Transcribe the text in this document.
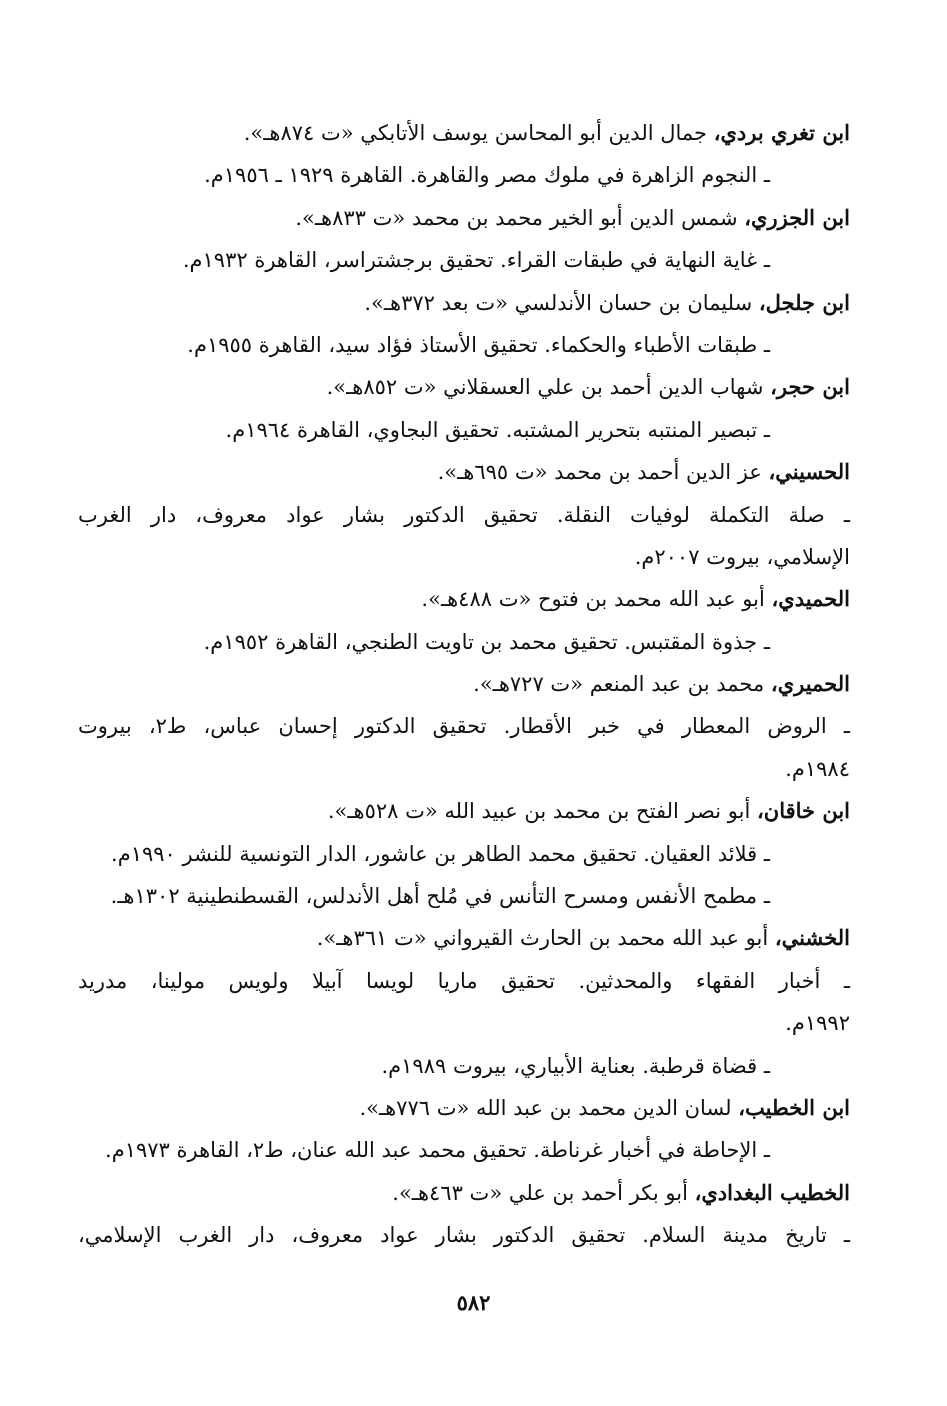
ابن تغري بردي، جمال الدين أبو المحاسن يوسف الأتابكي «ت ٨٧٤هـ».
ـ النجوم الزاهرة في ملوك مصر والقاهرة. القاهرة ١٩٢٩ ـ ١٩٥٦م.
ابن الجزري، شمس الدين أبو الخير محمد بن محمد «ت ٨٣٣هـ».
ـ غاية النهاية في طبقات القراء. تحقيق برجشتراسر، القاهرة ١٩٣٢م.
ابن جلجل، سليمان بن حسان الأندلسي «ت بعد ٣٧٢هـ».
ـ طبقات الأطباء والحكماء. تحقيق الأستاذ فؤاد سيد، القاهرة ١٩٥٥م.
ابن حجر، شهاب الدين أحمد بن علي العسقلاني «ت ٨٥٢هـ».
ـ تبصير المنتبه بتحرير المشتبه. تحقيق البجاوي، القاهرة ١٩٦٤م.
الحسيني، عز الدين أحمد بن محمد «ت ٦٩٥هـ».
ـ صلة التكملة لوفيات النقلة. تحقيق الدكتور بشار عواد معروف، دار الغرب
الإسلامي، بيروت ٢٠٠٧م.
الحميدي، أبو عبد الله محمد بن فتوح «ت ٤٨٨هـ».
ـ جذوة المقتبس. تحقيق محمد بن تاويت الطنجي، القاهرة ١٩٥٢م.
الحميري، محمد بن عبد المنعم «ت ٧٢٧هـ».
ـ الروض المعطار في خبر الأقطار. تحقيق الدكتور إحسان عباس، ط٢، بيروت
١٩٨٤م.
ابن خاقان، أبو نصر الفتح بن محمد بن عبيد الله «ت ٥٢٨هـ».
ـ قلائد العقيان. تحقيق محمد الطاهر بن عاشور، الدار التونسية للنشر ١٩٩٠م.
ـ مطمح الأنفس ومسرح التأنس في مُلح أهل الأندلس، القسطنطينية ١٣٠٢هـ.
الخشني، أبو عبد الله محمد بن الحارث القيرواني «ت ٣٦١هـ».
ـ أخبار الفقهاء والمحدثين. تحقيق ماريا لويسا آبيلا ولويس مولينا، مدريد
١٩٩٢م.
ـ قضاة قرطبة. بعناية الأبياري، بيروت ١٩٨٩م.
ابن الخطيب، لسان الدين محمد بن عبد الله «ت ٧٧٦هـ».
ـ الإحاطة في أخبار غرناطة. تحقيق محمد عبد الله عنان، ط٢، القاهرة ١٩٧٣م.
الخطيب البغدادي، أبو بكر أحمد بن علي «ت ٤٦٣هـ».
ـ تاريخ مدينة السلام. تحقيق الدكتور بشار عواد معروف، دار الغرب الإسلامي،
٥٨٢
